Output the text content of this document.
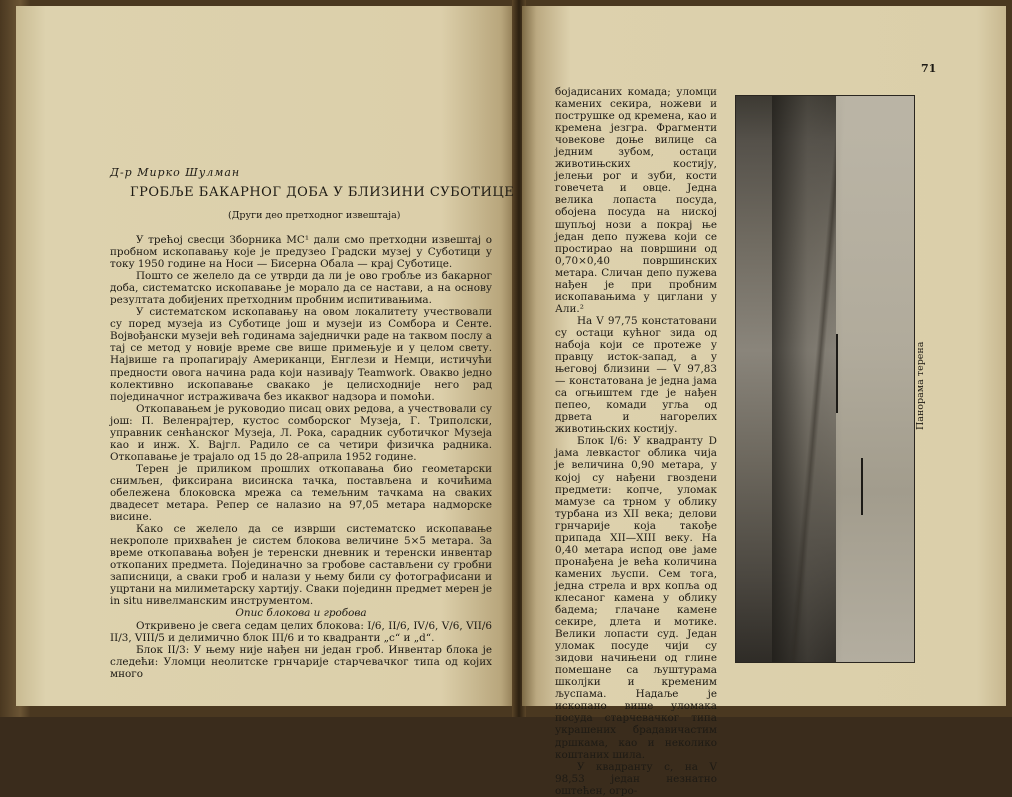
Д-р Мирко Шулман
ГРОБЉЕ БАКАРНОГ ДОБА У БЛИЗИНИ СУБОТИЦЕ
(Други део претходног извештаја)

У трећој свесци Зборника МС¹ дали смо претходни извештај о пробном ископавању које је предузео Градски музеј у Суботици у току 1950 године на Носи — Бисерна Обала — крај Суботице.

Пошто се желело да се утврди да ли је ово гробље из бакарног доба, систематско ископавање је морало да се настави, а на основу резултата добијених претходним пробним испитивањима.

У систематском ископавању на овом локалитету учествовали су поред музеја из Суботице још и музеји из Сомбора и Сенте. Војвођански музеји већ годинама заједнички раде на таквом послу а тај се метод у новије време све више примењује и у целом свету. Највише га пропагирају Американци, Енглези и Немци, истичући предности овога начина рада који називају Teamwork. Овакво једно колективно ископавање свакако је целисходније него рад појединачног истраживача без икаквог надзора и помоћи.

Откопавањем је руководио писац ових редова, а учествовали су још: П. Веленрајтер, кустос сомборског Музеја, Г. Триполски, управник сенћанског Музеја, Л. Рока, сарадник суботичког Музеја као и инж. Х. Вајгл. Радило се са четири физичка радника. Откопавање је трајало од 15 до 28-априла 1952 године.

Терен је приликом прошлих откопавања био геометарски снимљен, фиксирана висинска тачка, постављена и кочићима обележена блоковска мрежа са темељним тачкама на сваких двадесет метара. Репер се налазио на 97,05 метара надморске висине.

Како се желело да се изврши систематско ископавање некрополе прихваћен је систем блокова величине 5×5 метара. За време откопавања вођен је теренски дневник и теренски инвентар откопаних предмета. Појединачно за гробове састављени су гробни записници, а сваки гроб и налази у њему били су фотографисани и уцртани на милиметарску хартију. Сваки појединн предмет мерен је in situ нивелманским инструментом.

Опис блокова и гробова

Откривено је свега седам целих блокова: I/6, II/6, IV/6, V/6, VII/6 II/3, VIII/5 и делимично блок III/6 и то квадранти „c“ и „d“.

Блок II/3: У њему није нађен ни један гроб. Инвентар блока је следећи: Уломци неолитске грнчарије старчевачког типа од којих много

71

бојадисаних комада; уломци камених секира, ножеви и пострушке од кремена, као и кремена језгра. Фрагменти човекове доње вилице са једним зубом, остаци животињских костију, јелењи рог и зуби, кости говечета и овце. Једна велика лопаста посуда, обојена посуда на ниској шупљој нози а покрај ње један депо пужева који се простирао на површини од 0,70×0,40 површинских метара. Сличан депо пужева нађен је при пробним ископавањима у циглани у Али.²

На V 97,75 констатовани су остаци кућног зида од набоја који се протеже у правцу исток-запад, а у његовој близини — V 97,83 — констатована је једна јама са огњиштем где је нађен пепео, комади угља од дрвета и нагорелих животињских костију.

Блок I/6: У квадранту D јама левкастог облика чија је величина 0,90 метара, у којој су нађени гвоздени предмети: копче, уломак мамузе са трном у облику турбана из XII века; делови грнчарије која такође припада XII—XIII веку. На 0,40 метара испод ове јаме пронађена је већа количина камених љуспи. Сем тога, једна стрела и врх копља од клесаног камена у облику бадема; глачане камене секире, длета и мотике. Велики лопасти суд. Један уломак посуде чији су зидови начињени од глине помешане са љуштурама школјки и кременим љуспама. Надаље је ископано више уломака посуда старчевачког типа украшених брадавичастим дршкама, као и неколико коштаних шила.

У квадранту c, на V 98,53 један незнатно оштећен, огро-

Панорама терена
